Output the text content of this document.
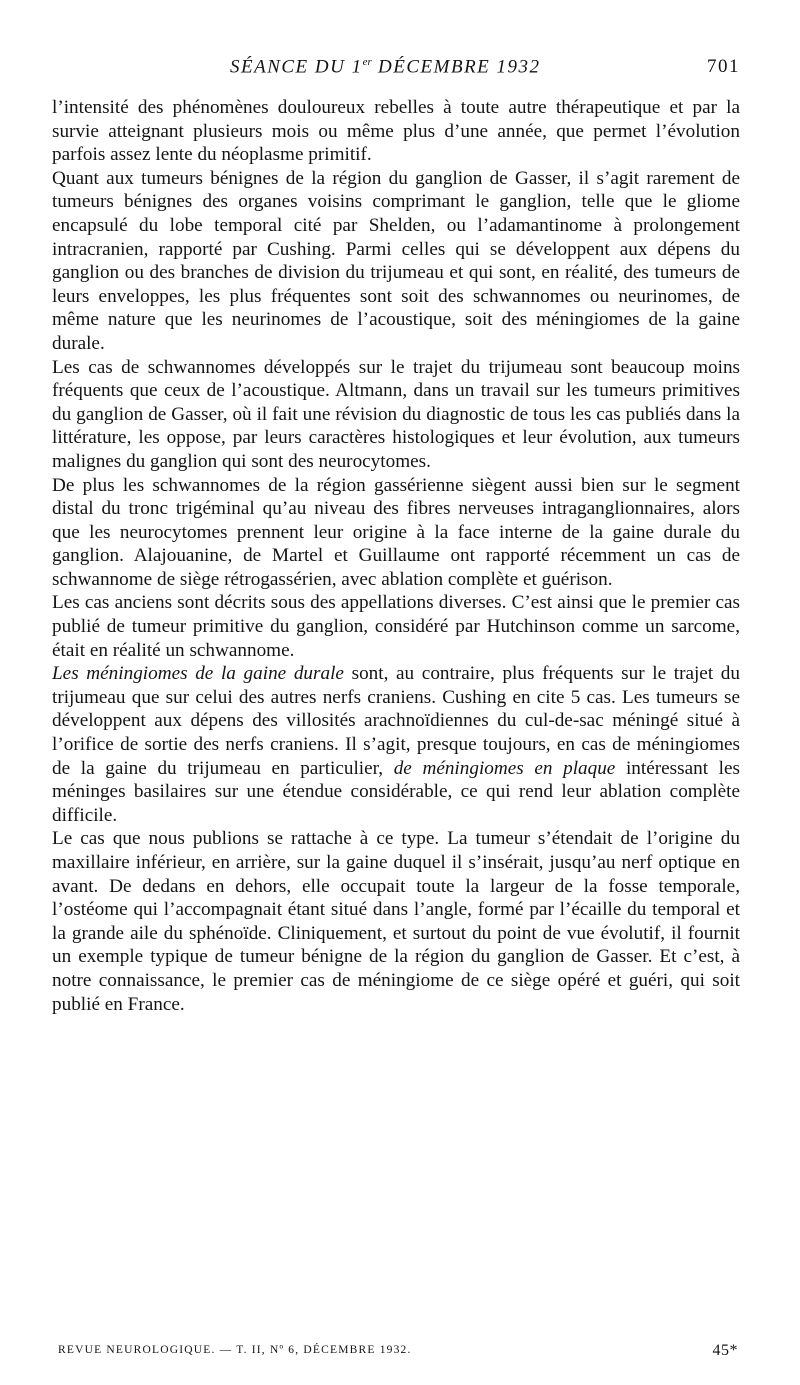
SÉANCE DU 1er DÉCEMBRE 1932	701

l’intensité des phénomènes douloureux rebelles à toute autre thérapeutique et par la survie atteignant plusieurs mois ou même plus d’une année, que permet l’évolution parfois assez lente du néoplasme primitif.

Quant aux tumeurs bénignes de la région du ganglion de Gasser, il s’agit rarement de tumeurs bénignes des organes voisins comprimant le ganglion, telle que le gliome encapsulé du lobe temporal cité par Shelden, ou l’adamantinome à prolongement intracranien, rapporté par Cushing. Parmi celles qui se développent aux dépens du ganglion ou des branches de division du trijumeau et qui sont, en réalité, des tumeurs de leurs enveloppes, les plus fréquentes sont soit des schwannomes ou neurinomes, de même nature que les neurinomes de l’acoustique, soit des méningiomes de la gaine durale.

Les cas de schwannomes développés sur le trajet du trijumeau sont beaucoup moins fréquents que ceux de l’acoustique. Altmann, dans un travail sur les tumeurs primitives du ganglion de Gasser, où il fait une révision du diagnostic de tous les cas publiés dans la littérature, les oppose, par leurs caractères histologiques et leur évolution, aux tumeurs malignes du ganglion qui sont des neurocytomes.

De plus les schwannomes de la région gassérienne siègent aussi bien sur le segment distal du tronc trigéminal qu’au niveau des fibres nerveuses intraganglionnaires, alors que les neurocytomes prennent leur origine à la face interne de la gaine durale du ganglion. Alajouanine, de Martel et Guillaume ont rapporté récemment un cas de schwannome de siège rétrogassérien, avec ablation complète et guérison.

Les cas anciens sont décrits sous des appellations diverses. C’est ainsi que le premier cas publié de tumeur primitive du ganglion, considéré par Hutchinson comme un sarcome, était en réalité un schwannome.

Les méningiomes de la gaine durale sont, au contraire, plus fréquents sur le trajet du trijumeau que sur celui des autres nerfs craniens. Cushing en cite 5 cas. Les tumeurs se développent aux dépens des villosités arachnoïdiennes du cul-de-sac méningé situé à l’orifice de sortie des nerfs craniens. Il s’agit, presque toujours, en cas de méningiomes de la gaine du trijumeau en particulier, de méningiomes en plaque intéressant les méninges basilaires sur une étendue considérable, ce qui rend leur ablation complète difficile.

Le cas que nous publions se rattache à ce type. La tumeur s’étendait de l’origine du maxillaire inférieur, en arrière, sur la gaine duquel il s’insérait, jusqu’au nerf optique en avant. De dedans en dehors, elle occupait toute la largeur de la fosse temporale, l’ostéome qui l’accompagnait étant situé dans l’angle, formé par l’écaille du temporal et la grande aile du sphénoïde. Cliniquement, et surtout du point de vue évolutif, il fournit un exemple typique de tumeur bénigne de la région du ganglion de Gasser. Et c’est, à notre connaissance, le premier cas de méningiome de ce siège opéré et guéri, qui soit publié en France.

REVUE NEUROLOGIQUE. — T. II, Nº 6, DÉCEMBRE 1932.	45*
